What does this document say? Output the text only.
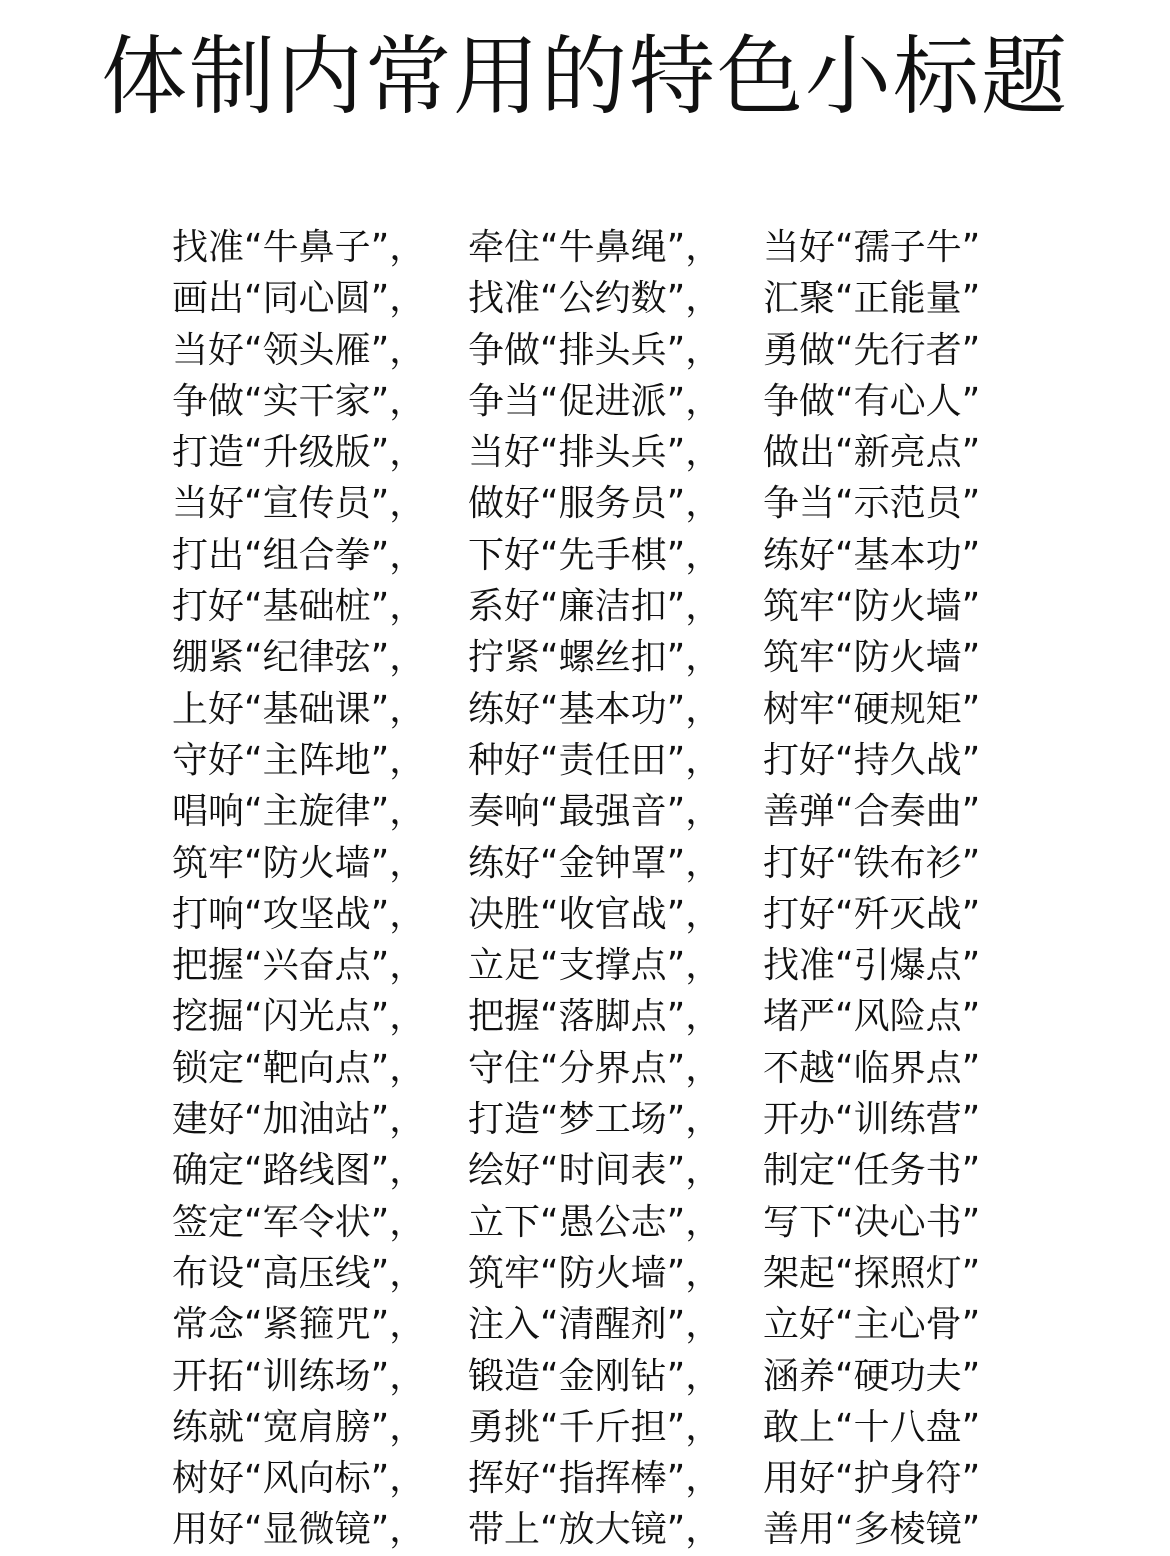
体制内常用的特色小标题
找准“牛鼻子”，
画出“同心圆”，
当好“领头雁”，
争做“实干家”，
打造“升级版”，
当好“宣传员”，
打出“组合拳”，
打好“基础桩”，
绷紧“纪律弦”，
上好“基础课”，
守好“主阵地”，
唱响“主旋律”，
筑牢“防火墙”，
打响“攻坚战”，
把握“兴奋点”，
挖掘“闪光点”，
锁定“靶向点”，
建好“加油站”，
确定“路线图”，
签定“军令状”，
布设“高压线”，
常念“紧箍咒”，
开拓“训练场”，
练就“宽肩膀”，
树好“风向标”，
用好“显微镜”，
牵住“牛鼻绳”，
找准“公约数”，
争做“排头兵”，
争当“促进派”，
当好“排头兵”，
做好“服务员”，
下好“先手棋”，
系好“廉洁扣”，
拧紧“螺丝扣”，
练好“基本功”，
种好“责任田”，
奏响“最强音”，
练好“金钟罩”，
决胜“收官战”，
立足“支撑点”，
把握“落脚点”，
守住“分界点”，
打造“梦工场”，
绘好“时间表”，
立下“愚公志”，
筑牢“防火墙”，
注入“清醒剂”，
锻造“金刚钻”，
勇挑“千斤担”，
挥好“指挥棒”，
带上“放大镜”，
当好“孺子牛”
汇聚“正能量”
勇做“先行者”
争做“有心人”
做出“新亮点”
争当“示范员”
练好“基本功”
筑牢“防火墙”
筑牢“防火墙”
树牢“硬规矩”
打好“持久战”
善弹“合奏曲”
打好“铁布衫”
打好“歼灭战”
找准“引爆点”
堵严“风险点”
不越“临界点”
开办“训练营”
制定“任务书”
写下“决心书”
架起“探照灯”
立好“主心骨”
涵养“硬功夫”
敢上“十八盘”
用好“护身符”
善用“多棱镜”
